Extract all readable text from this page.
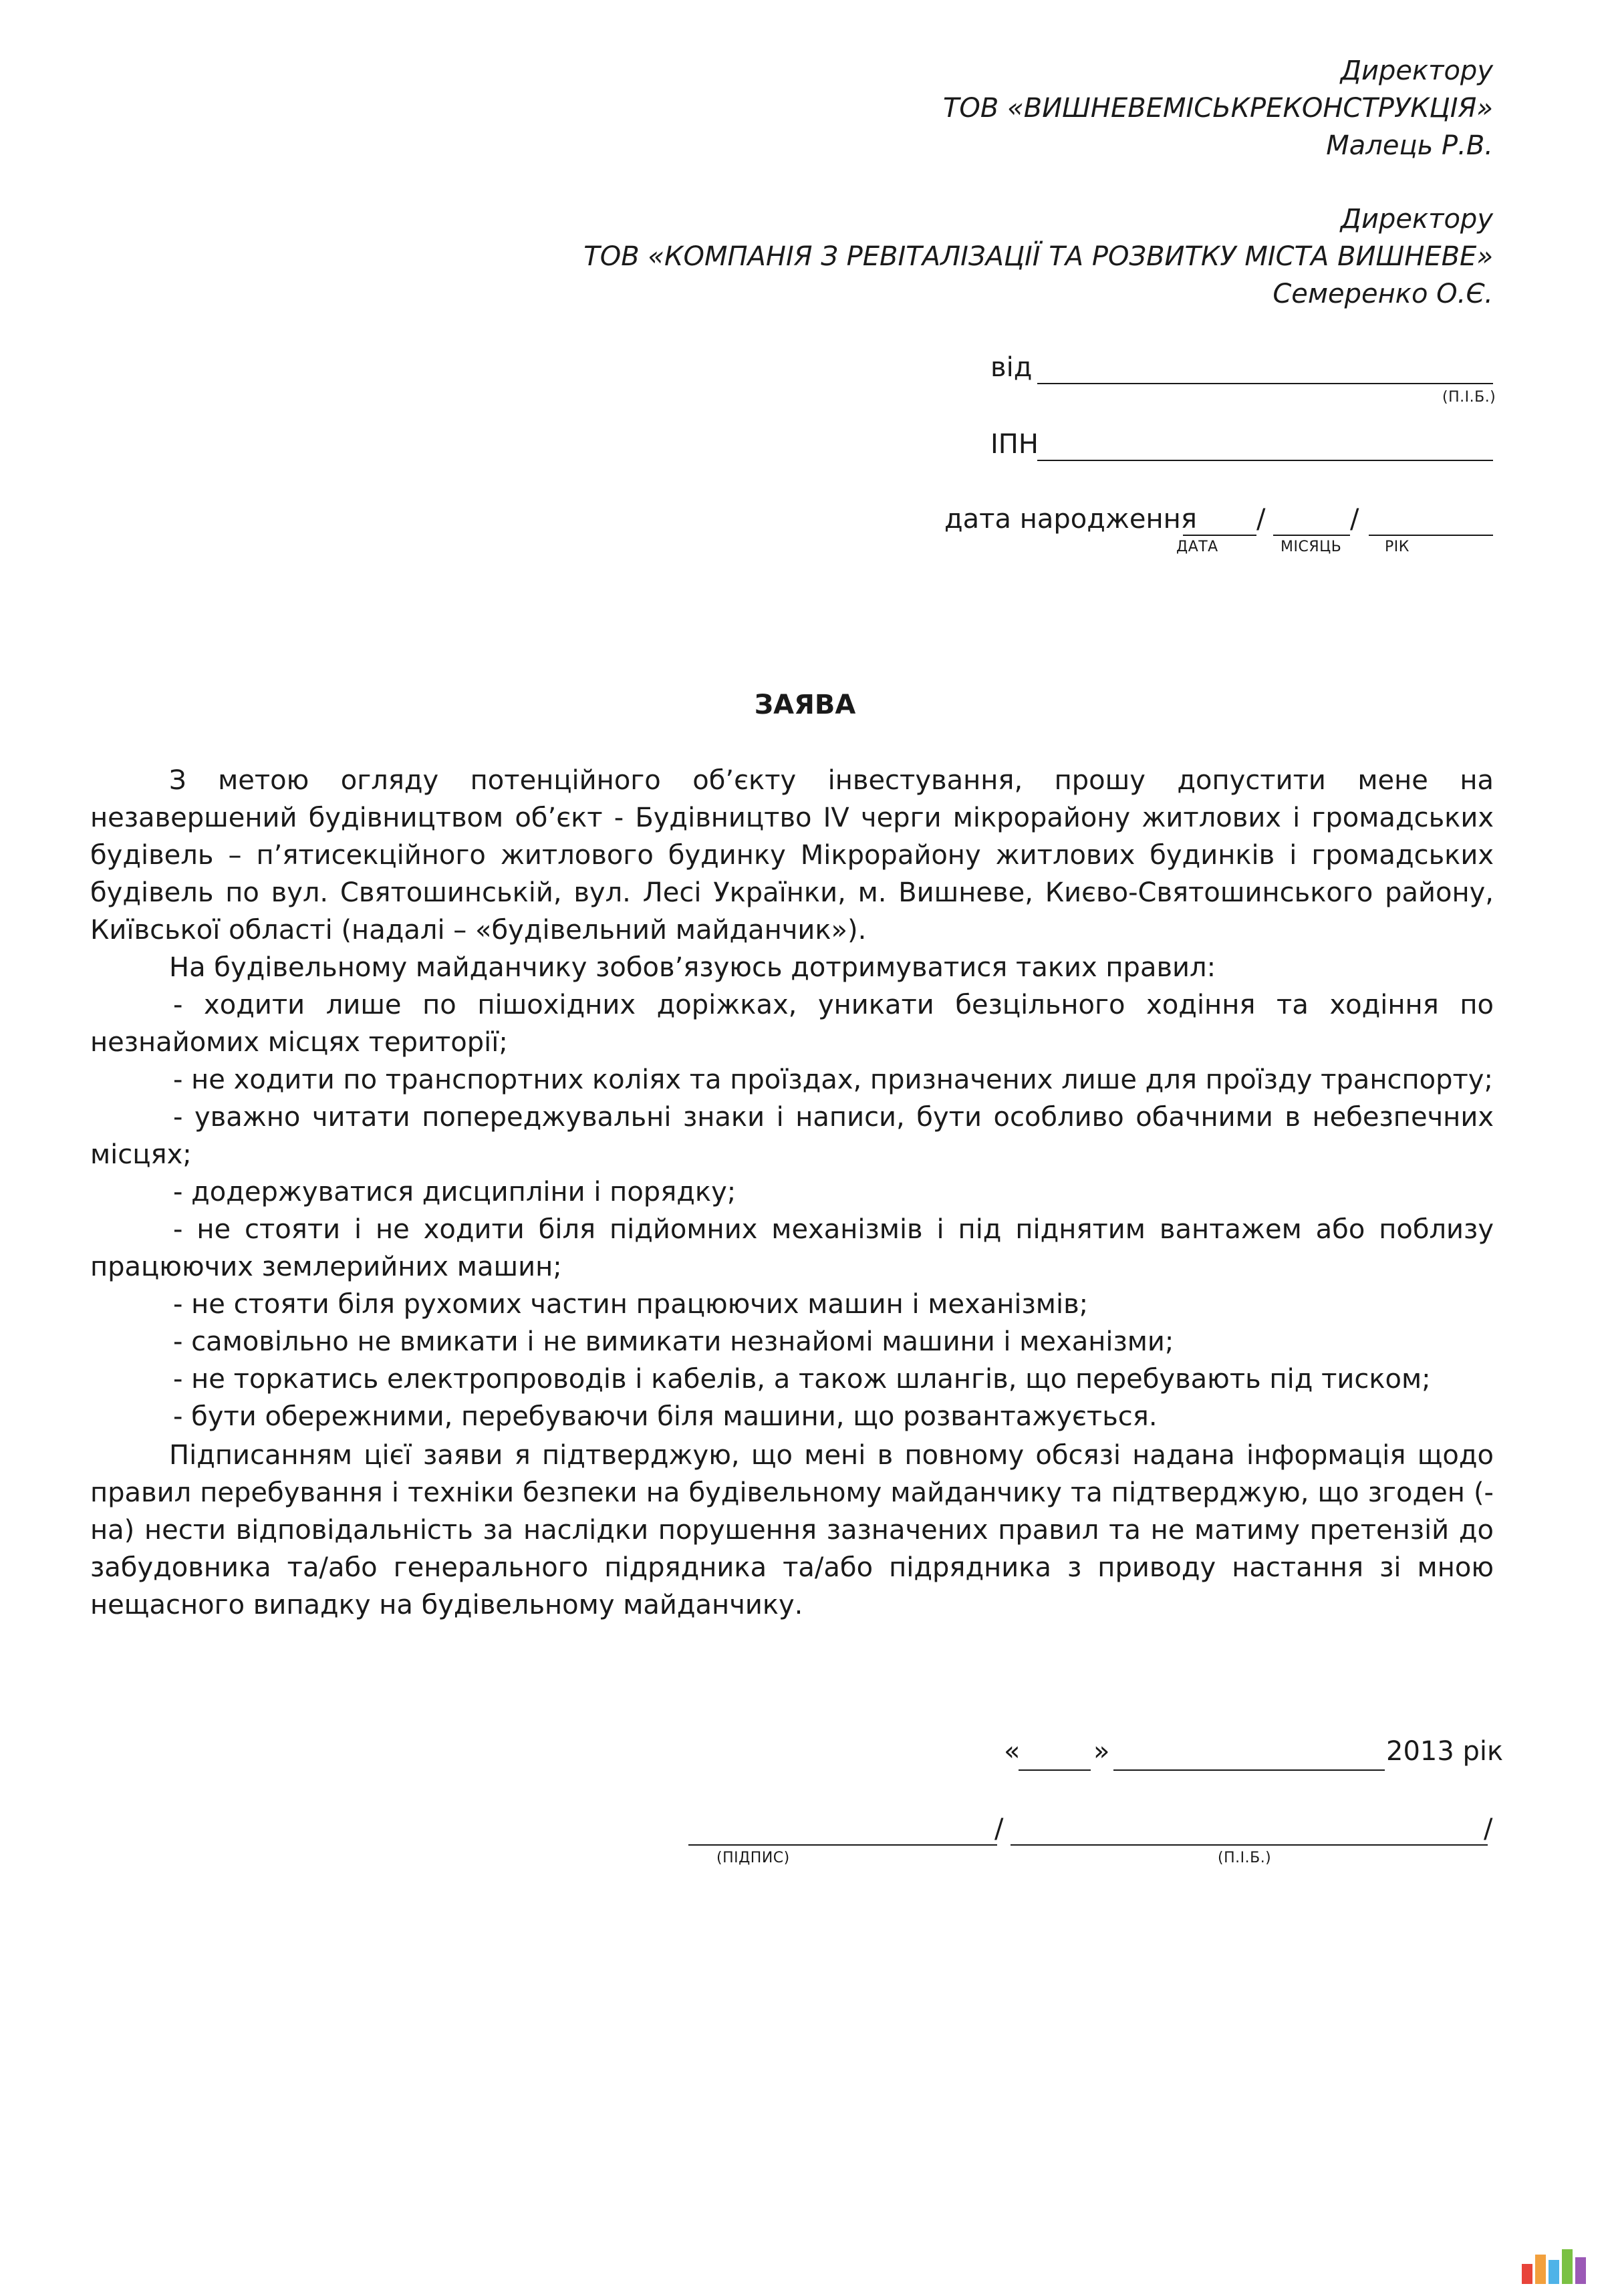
Директору
ТОВ «ВИШНЕВЕМІСЬКРЕКОНСТРУКЦІЯ»
Малець Р.В.
Директору
ТОВ «КОМПАНІЯ З РЕВІТАЛІЗАЦІЇ ТА РОЗВИТКУ МІСТА ВИШНЕВЕ»
Семеренко О.Є.
від
(П.І.Б.)
ІПН
дата народження /	/
ДАТА	МІСЯЦЬ	РІК
ЗАЯВА

З метою огляду потенційного об’єкту інвестування, прошу допустити мене на незавершений будівництвом об’єкт - Будівництво IV черги мікрорайону житлових і громадських будівель – п’ятисекційного житлового будинку Мікрорайону житлових будинків і громадських будівель по вул. Святошинській, вул. Лесі Українки, м. Вишневе, Києво-Святошинського району, Київської області (надалі – «будівельний майданчик»).

На будівельному майданчику зобов’язуюсь дотримуватися таких правил:

- ходити лише по пішохідних доріжках, уникати безцільного ходіння та ходіння по незнайомих місцях території;

- не ходити по транспортних коліях та проїздах, призначених лише для проїзду транспорту;

- уважно читати попереджувальні знаки і написи, бути особливо обачними в небезпечних місцях;

- додержуватися дисципліни і порядку;

- не стояти і не ходити біля підйомних механізмів і під піднятим вантажем або поблизу працюючих землерийних машин;

- не стояти біля рухомих частин працюючих машин і механізмів;

- самовільно не вмикати і не вимикати незнайомі машини і механізми;

- не торкатись електропроводів і кабелів, а також шлангів, що перебувають під тиском;

- бути обережними, перебуваючи біля машини, що розвантажується.

Підписанням цієї заяви я підтверджую, що мені в повному обсязі надана інформація щодо правил перебування і техніки безпеки на будівельному майданчику та підтверджую, що згоден (-на) нести відповідальність за наслідки порушення зазначених правил та не матиму претензій до забудовника та/або генерального підрядника та/або підрядника з приводу настання зі мною нещасного випадку на будівельному майданчику.

«	»	2013 рік
/	/
(ПІДПИС)	(П.І.Б.)
